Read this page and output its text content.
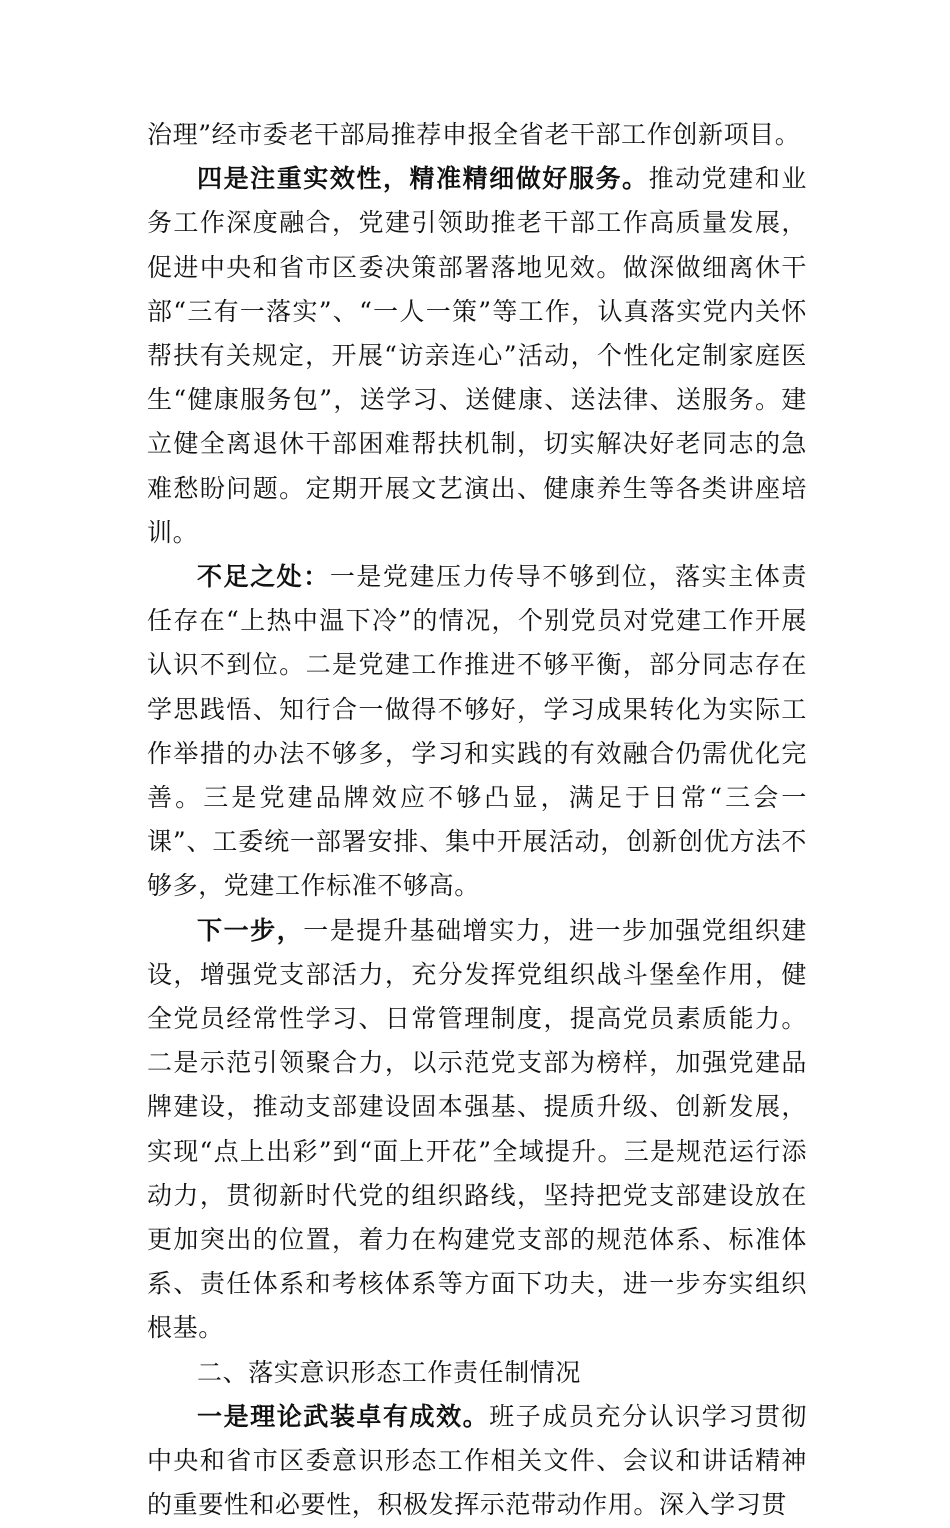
治理”经市委老干部局推荐申报全省老干部工作创新项目。

四是注重实效性，精准精细做好服务。推动党建和业务工作深度融合，党建引领助推老干部工作高质量发展，促进中央和省市区委决策部署落地见效。做深做细离休干部“三有一落实”、“一人一策”等工作，认真落实党内关怀帮扶有关规定，开展“访亲连心”活动，个性化定制家庭医生“健康服务包”，送学习、送健康、送法律、送服务。建立健全离退休干部困难帮扶机制，切实解决好老同志的急难愁盼问题。定期开展文艺演出、健康养生等各类讲座培训。

不足之处：一是党建压力传导不够到位，落实主体责任存在“上热中温下冷”的情况，个别党员对党建工作开展认识不到位。二是党建工作推进不够平衡，部分同志存在学思践悟、知行合一做得不够好，学习成果转化为实际工作举措的办法不够多，学习和实践的有效融合仍需优化完善。三是党建品牌效应不够凸显，满足于日常“三会一课”、工委统一部署安排、集中开展活动，创新创优方法不够多，党建工作标准不够高。

下一步，一是提升基础增实力，进一步加强党组织建设，增强党支部活力，充分发挥党组织战斗堡垒作用，健全党员经常性学习、日常管理制度，提高党员素质能力。二是示范引领聚合力，以示范党支部为榜样，加强党建品牌建设，推动支部建设固本强基、提质升级、创新发展，实现“点上出彩”到“面上开花”全域提升。三是规范运行添动力，贯彻新时代党的组织路线，坚持把党支部建设放在更加突出的位置，着力在构建党支部的规范体系、标准体系、责任体系和考核体系等方面下功夫，进一步夯实组织根基。

二、落实意识形态工作责任制情况

一是理论武装卓有成效。班子成员充分认识学习贯彻中央和省市区委意识形态工作相关文件、会议和讲话精神的重要性和必要性，积极发挥示范带动作用。深入学习贯
